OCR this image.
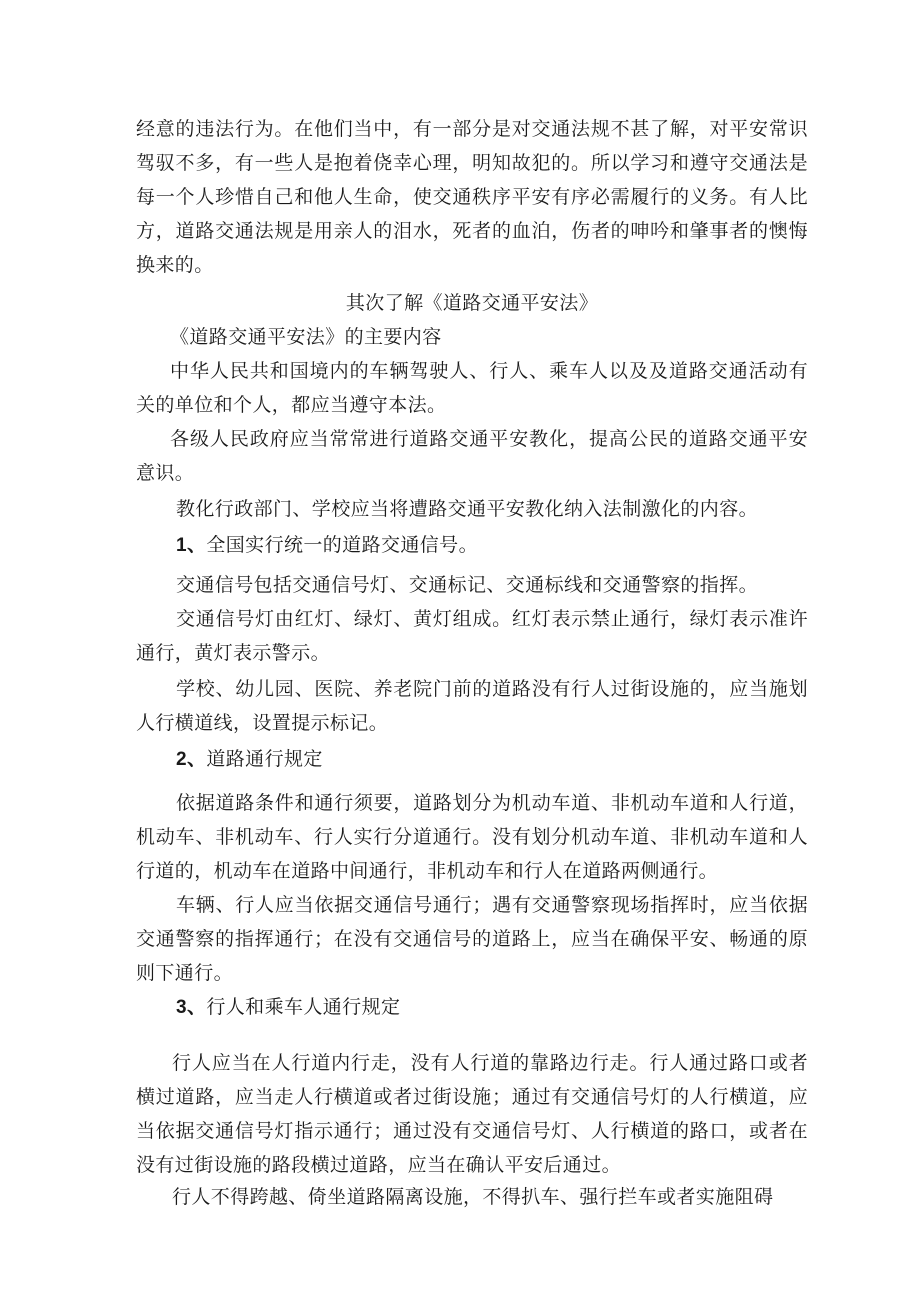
经意的违法行为。在他们当中，有一部分是对交通法规不甚了解，对平安常识驾驭不多，有一些人是抱着侥幸心理，明知故犯的。所以学习和遵守交通法是每一个人珍惜自己和他人生命，使交通秩序平安有序必需履行的义务。有人比方，道路交通法规是用亲人的泪水，死者的血泊，伤者的呻吟和肇事者的懊悔换来的。

其次了解《道路交通平安法》

《道路交通平安法》的主要内容

中华人民共和国境内的车辆驾驶人、行人、乘车人以及及道路交通活动有关的单位和个人，都应当遵守本法。

各级人民政府应当常常进行道路交通平安教化，提高公民的道路交通平安意识。

教化行政部门、学校应当将遭路交通平安教化纳入法制激化的内容。

1、全国实行统一的道路交通信号。

交通信号包括交通信号灯、交通标记、交通标线和交通警察的指挥。

交通信号灯由红灯、绿灯、黄灯组成。红灯表示禁止通行，绿灯表示准许通行，黄灯表示警示。

学校、幼儿园、医院、养老院门前的道路没有行人过街设施的，应当施划人行横道线，设置提示标记。

2、道路通行规定

依据道路条件和通行须要，道路划分为机动车道、非机动车道和人行道，机动车、非机动车、行人实行分道通行。没有划分机动车道、非机动车道和人行道的，机动车在道路中间通行，非机动车和行人在道路两侧通行。

车辆、行人应当依据交通信号通行；遇有交通警察现场指挥时，应当依据交通警察的指挥通行；在没有交通信号的道路上，应当在确保平安、畅通的原则下通行。

3、行人和乘车人通行规定

行人应当在人行道内行走，没有人行道的靠路边行走。行人通过路口或者横过道路，应当走人行横道或者过街设施；通过有交通信号灯的人行横道，应当依据交通信号灯指示通行；通过没有交通信号灯、人行横道的路口，或者在没有过街设施的路段横过道路，应当在确认平安后通过。

行人不得跨越、倚坐道路隔离设施，不得扒车、强行拦车或者实施阻碍
